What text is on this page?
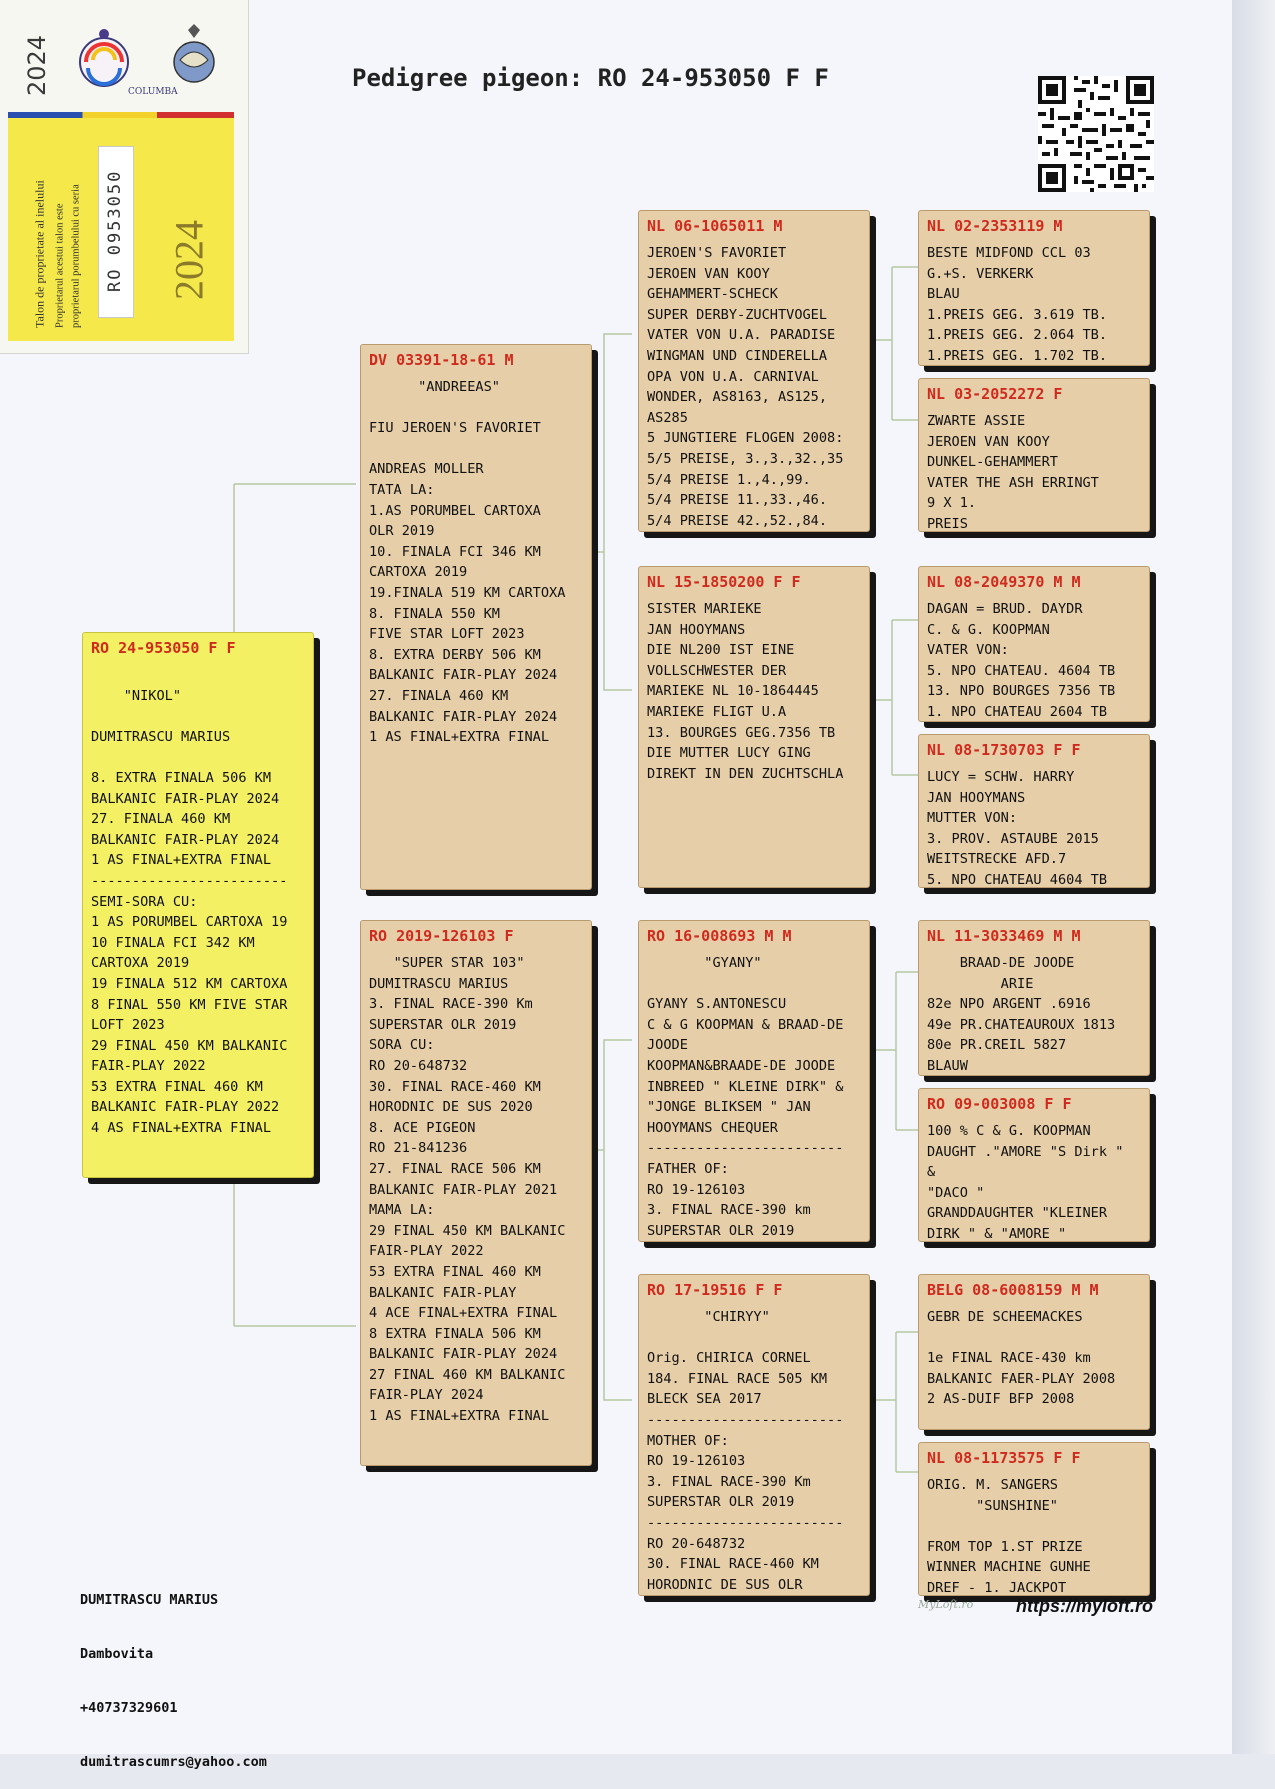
Pedigree pigeon: RO 24-953050 F F
2024	COLUMBA
Talon de proprietate al inelului Proprietarul acestui talon este proprietarul porumbelului cu seria	RO 0953050 2024
RO 24-953050 F F

"NIKOL"

DUMITRASCU MARIUS

8. EXTRA FINALA 506 KM
BALKANIC FAIR-PLAY 2024
27. FINALA 460 KM
BALKANIC FAIR-PLAY 2024
1 AS FINAL+EXTRA FINAL
------------------------
SEMI-SORA CU:
1 AS PORUMBEL CARTOXA 19
10 FINALA FCI 342 KM
CARTOXA 2019
19 FINALA 512 KM CARTOXA
8 FINAL 550 KM FIVE STAR
LOFT 2023
29 FINAL 450 KM BALKANIC
FAIR-PLAY 2022
53 EXTRA FINAL 460 KM
BALKANIC FAIR-PLAY 2022
4 AS FINAL+EXTRA FINAL
DV 03391-18-61 M
"ANDREEAS"

FIU JEROEN'S FAVORIET

ANDREAS MOLLER
TATA LA:
1.AS PORUMBEL CARTOXA
OLR 2019
10. FINALA FCI 346 KM
CARTOXA 2019
19.FINALA 519 KM CARTOXA
8. FINALA 550 KM
FIVE STAR LOFT 2023
8. EXTRA DERBY 506 KM
BALKANIC FAIR-PLAY 2024
27. FINALA 460 KM
BALKANIC FAIR-PLAY 2024
1 AS FINAL+EXTRA FINAL
RO 2019-126103 F
"SUPER STAR 103"
DUMITRASCU MARIUS
3. FINAL RACE-390 Km
SUPERSTAR OLR 2019
SORA CU:
RO 20-648732
30. FINAL RACE-460 KM
HORODNIC DE SUS 2020
8. ACE PIGEON
RO 21-841236
27. FINAL RACE 506 KM
BALKANIC FAIR-PLAY 2021
MAMA LA:
29 FINAL 450 KM BALKANIC
FAIR-PLAY 2022
53 EXTRA FINAL 460 KM
BALKANIC FAIR-PLAY
4 ACE FINAL+EXTRA FINAL
8 EXTRA FINALA 506 KM
BALKANIC FAIR-PLAY 2024
27 FINAL 460 KM BALKANIC
FAIR-PLAY 2024
1 AS FINAL+EXTRA FINAL
NL 06-1065011 M
JEROEN'S FAVORIET
JEROEN VAN KOOY
GEHAMMERT-SCHECK
SUPER DERBY-ZUCHTVOGEL
VATER VON U.A. PARADISE
WINGMAN UND CINDERELLA
OPA VON U.A. CARNIVAL
WONDER, AS8163, AS125,
AS285
5 JUNGTIERE FLOGEN 2008:
5/5 PREISE, 3.,3.,32.,35
5/4 PREISE 1.,4.,99.
5/4 PREISE 11.,33.,46.
5/4 PREISE 42.,52.,84.
NL 15-1850200 F F
SISTER MARIEKE
JAN HOOYMANS
DIE NL200 IST EINE
VOLLSCHWESTER DER
MARIEKE NL 10-1864445
MARIEKE FLIGT U.A
13. BOURGES GEG.7356 TB
DIE MUTTER LUCY GING
DIREKT IN DEN ZUCHTSCHLA
RO 16-008693 M M
"GYANY"

GYANY S.ANTONESCU
C & G KOOPMAN & BRAAD-DE
JOODE
KOOPMAN&BRAADE-DE JOODE
INBREED " KLEINE DIRK" &
"JONGE BLIKSEM " JAN
HOOYMANS CHEQUER
------------------------
FATHER OF:
RO 19-126103
3. FINAL RACE-390 km
SUPERSTAR OLR 2019
RO 17-19516 F F
"CHIRYY"

Orig. CHIRICA CORNEL
184. FINAL RACE 505 KM
BLECK SEA 2017
------------------------
MOTHER OF:
RO 19-126103
3. FINAL RACE-390 Km
SUPERSTAR OLR 2019
------------------------
RO 20-648732
30. FINAL RACE-460 KM
HORODNIC DE SUS OLR
NL 02-2353119 M
BESTE MIDFOND CCL 03
G.+S. VERKERK
BLAU
1.PREIS GEG. 3.619 TB.
1.PREIS GEG. 2.064 TB.
1.PREIS GEG. 1.702 TB.
NL 03-2052272 F
ZWARTE ASSIE
JEROEN VAN KOOY
DUNKEL-GEHAMMERT
VATER THE ASH ERRINGT
9 X 1.
PREIS
NL 08-2049370 M M
DAGAN = BRUD. DAYDR
C. & G. KOOPMAN
VATER VON:
5. NPO CHATEAU. 4604 TB
13. NPO BOURGES 7356 TB
1. NPO CHATEAU 2604 TB
NL 08-1730703 F F
LUCY = SCHW. HARRY
JAN HOOYMANS
MUTTER VON:
3. PROV. ASTAUBE 2015
WEITSTRECKE AFD.7
5. NPO CHATEAU 4604 TB
NL 11-3033469 M M
BRAAD-DE JOODE
ARIE
82e NPO ARGENT .6916
49e PR.CHATEAUROUX 1813
80e PR.CREIL 5827
BLAUW
RO 09-003008 F F
100 % C & G. KOOPMAN
DAUGHT ."AMORE "S Dirk "
&
"DACO "
GRANDDAUGHTER "KLEINER
DIRK " & "AMORE "
BELG 08-6008159 M M
GEBR DE SCHEEMACKES

1e FINAL RACE-430 km
BALKANIC FAER-PLAY 2008
2 AS-DUIF BFP 2008
NL 08-1173575 F F
ORIG. M. SANGERS
"SUNSHINE"

FROM TOP 1.ST PRIZE
WINNER MACHINE GUNHE
DREF - 1. JACKPOT

DUMITRASCU MARIUS

Dambovita

+40737329601

dumitrascumrs@yahoo.com

MyLoft.ro	https://myloft.ro
